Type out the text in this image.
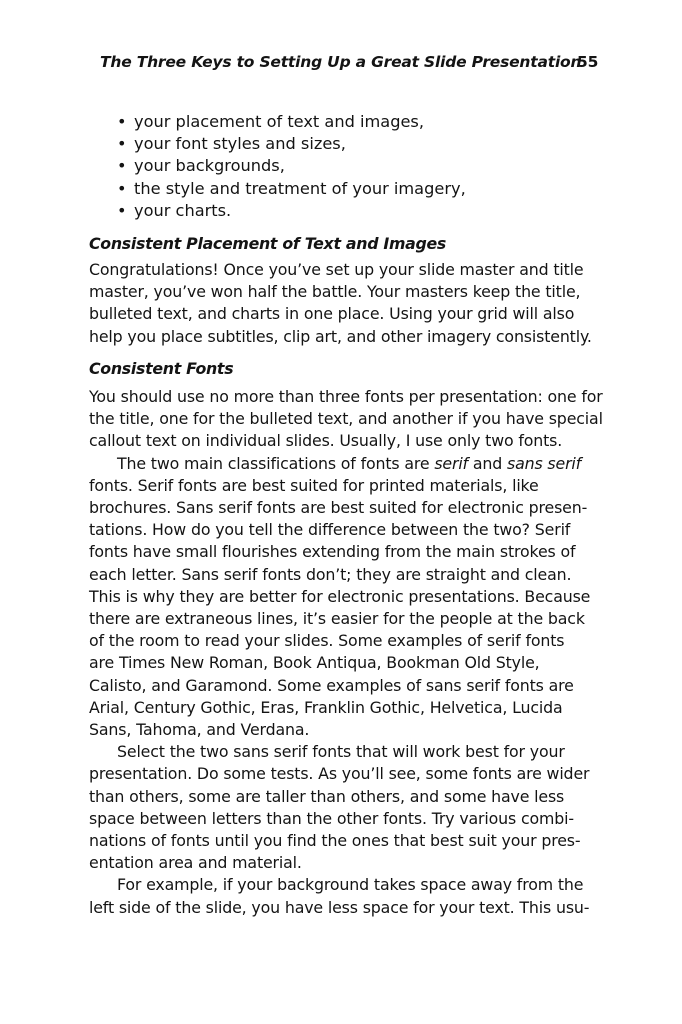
The Three Keys to Setting Up a Great Slide Presentation
55
• your placement of text and images,
• your font styles and sizes,
• your backgrounds,
• the style and treatment of your imagery,
• your charts.
Consistent Placement of Text and Images
Congratulations! Once you’ve set up your slide master and title
master, you’ve won half the battle. Your masters keep the title,
bulleted text, and charts in one place. Using your grid will also
help you place subtitles, clip art, and other imagery consistently.
Consistent Fonts
You should use no more than three fonts per presentation: one for
the title, one for the bulleted text, and another if you have special
callout text on individual slides. Usually, I use only two fonts.
The two main classifications of fonts are serif and sans serif
fonts. Serif fonts are best suited for printed materials, like
brochures. Sans serif fonts are best suited for electronic presen-
tations. How do you tell the difference between the two? Serif
fonts have small flourishes extending from the main strokes of
each letter. Sans serif fonts don’t; they are straight and clean.
This is why they are better for electronic presentations. Because
there are extraneous lines, it’s easier for the people at the back
of the room to read your slides. Some examples of serif fonts
are Times New Roman, Book Antiqua, Bookman Old Style,
Calisto, and Garamond. Some examples of sans serif fonts are
Arial, Century Gothic, Eras, Franklin Gothic, Helvetica, Lucida
Sans, Tahoma, and Verdana.
Select the two sans serif fonts that will work best for your
presentation. Do some tests. As you’ll see, some fonts are wider
than others, some are taller than others, and some have less
space between letters than the other fonts. Try various combi-
nations of fonts until you find the ones that best suit your pres-
entation area and material.
For example, if your background takes space away from the
left side of the slide, you have less space for your text. This usu-
